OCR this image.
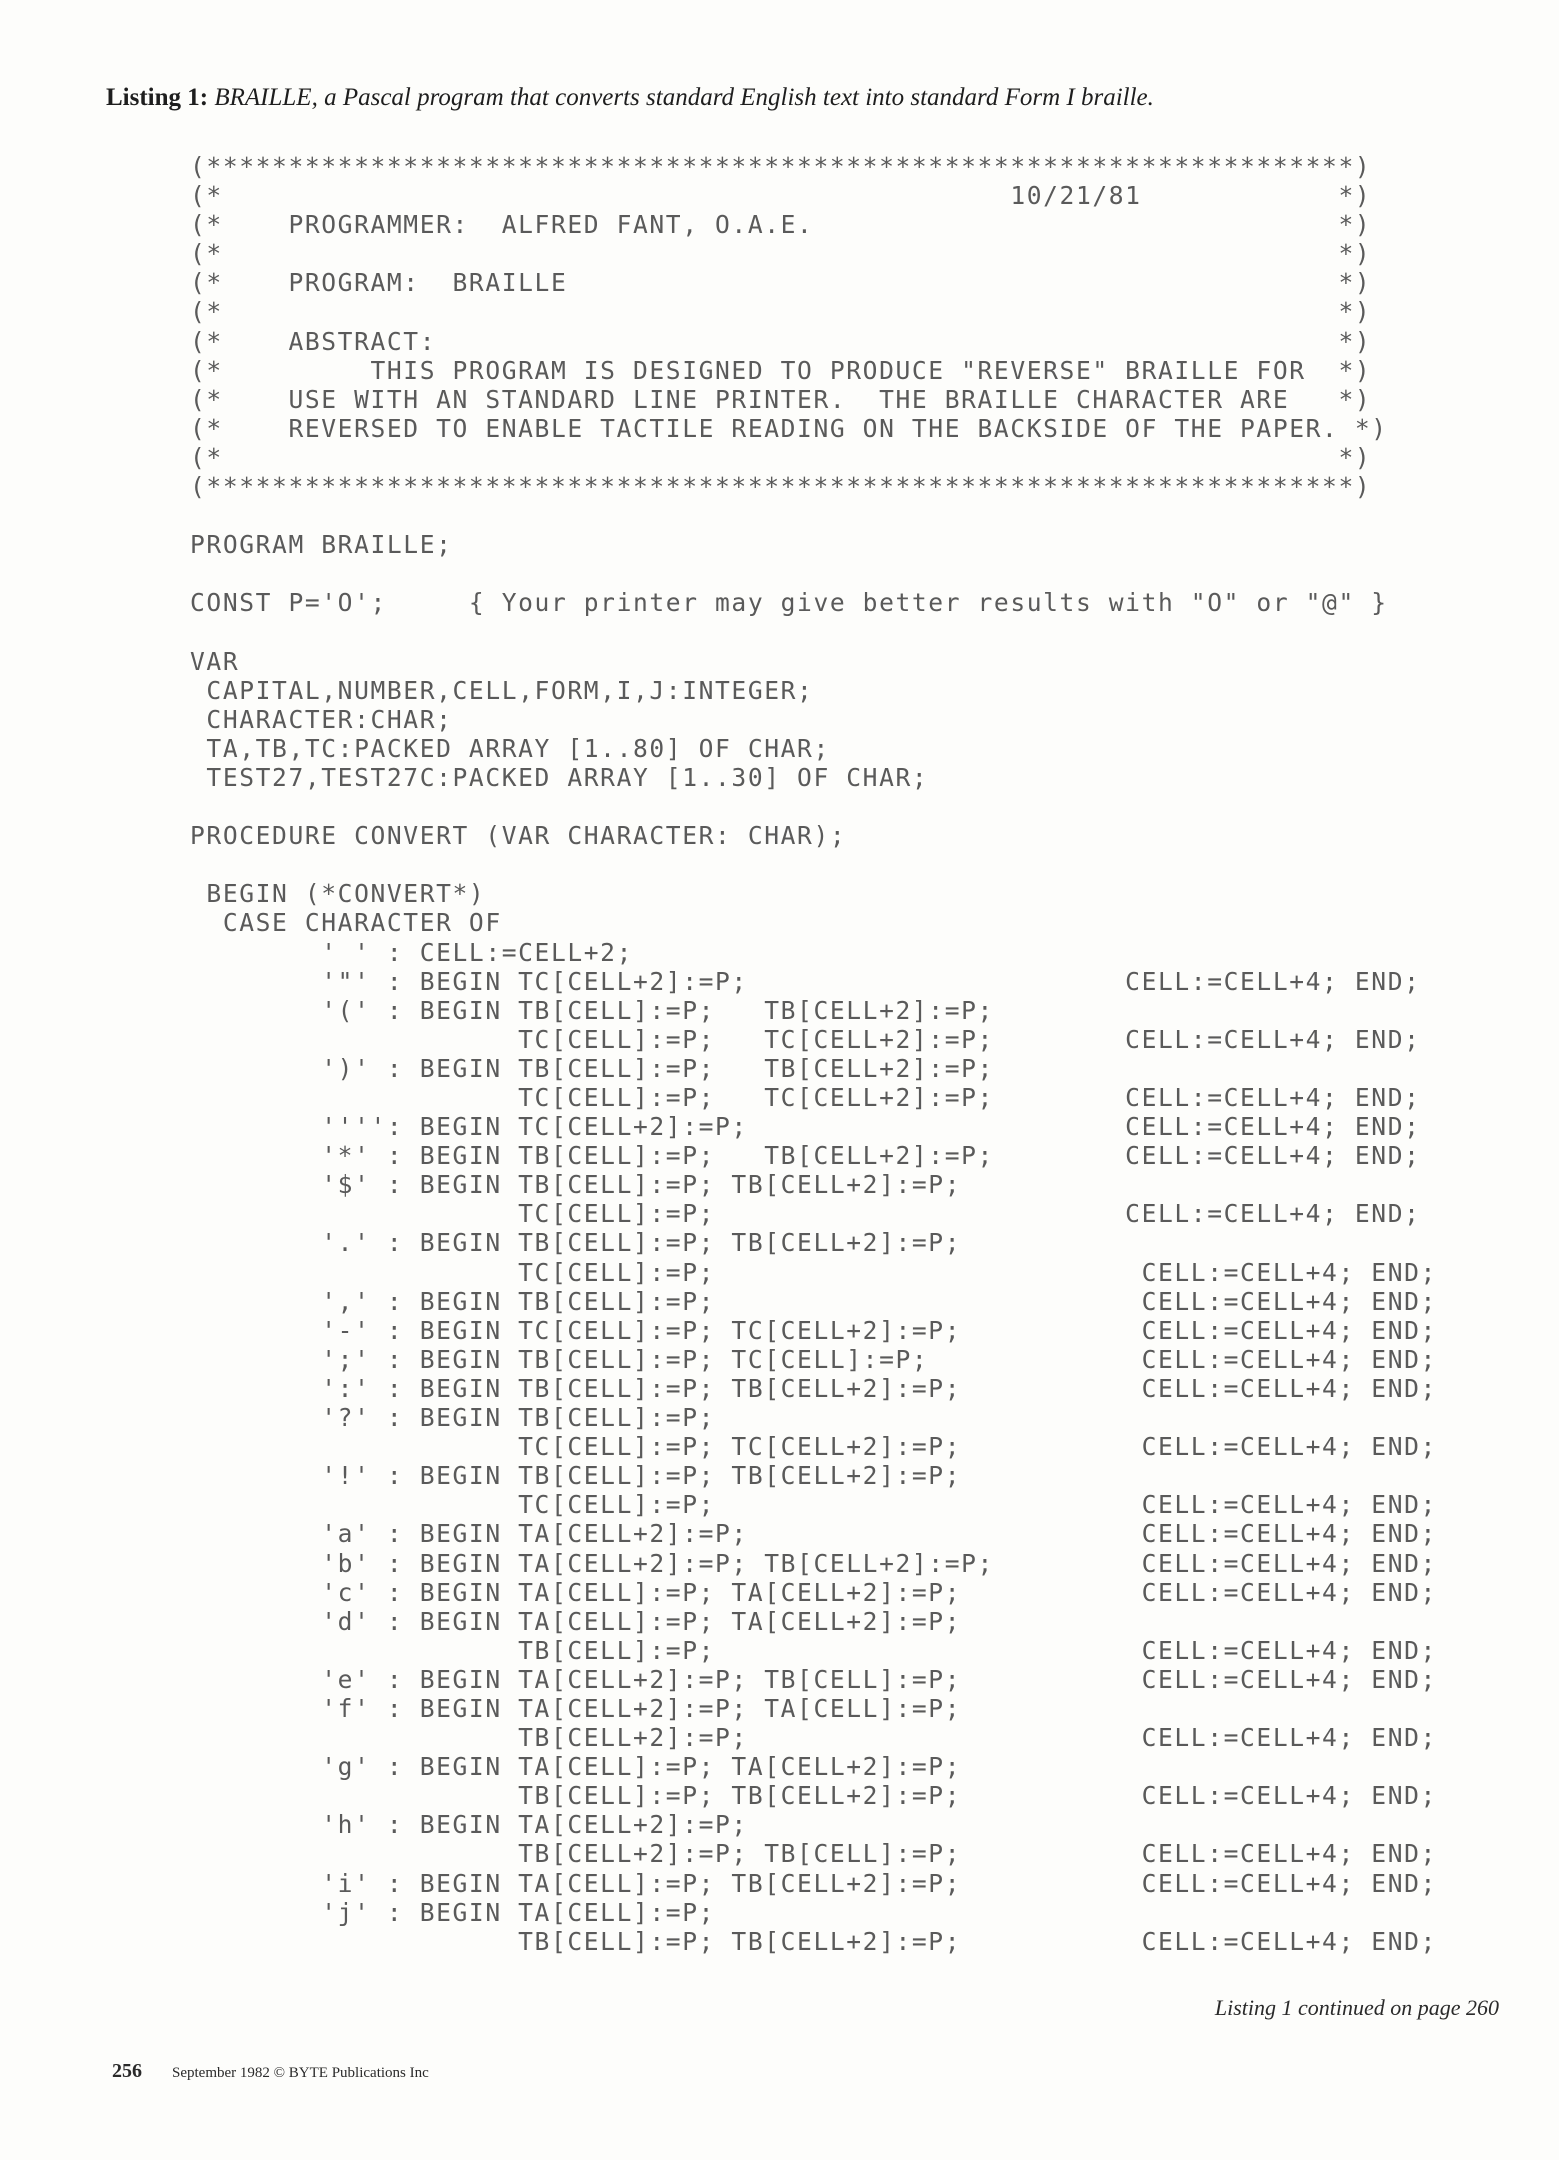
Listing 1: BRAILLE, a Pascal program that converts standard English text into standard Form I braille.
(**********************************************************************)
(*                                                10/21/81            *)
(*    PROGRAMMER:  ALFRED FANT, O.A.E.                                *)
(*                                                                    *)
(*    PROGRAM:  BRAILLE                                               *)
(*                                                                    *)
(*    ABSTRACT:                                                       *)
(*         THIS PROGRAM IS DESIGNED TO PRODUCE "REVERSE" BRAILLE FOR  *)
(*    USE WITH AN STANDARD LINE PRINTER.  THE BRAILLE CHARACTER ARE   *)
(*    REVERSED TO ENABLE TACTILE READING ON THE BACKSIDE OF THE PAPER. *)
(*                                                                    *)
(**********************************************************************)
PROGRAM BRAILLE;
CONST P='O';     { Your printer may give better results with "O" or "@" }
VAR
CAPITAL,NUMBER,CELL,FORM,I,J:INTEGER;
CHARACTER:CHAR;
TA,TB,TC:PACKED ARRAY [1..80] OF CHAR;
TEST27,TEST27C:PACKED ARRAY [1..30] OF CHAR;
PROCEDURE CONVERT (VAR CHARACTER: CHAR);
BEGIN (*CONVERT*)
CASE CHARACTER OF
' ' : CELL:=CELL+2;
'"' : BEGIN TC[CELL+2]:=P;                       CELL:=CELL+4; END;
'(' : BEGIN TB[CELL]:=P;   TB[CELL+2]:=P;
TC[CELL]:=P;   TC[CELL+2]:=P;        CELL:=CELL+4; END;
')' : BEGIN TB[CELL]:=P;   TB[CELL+2]:=P;
TC[CELL]:=P;   TC[CELL+2]:=P;        CELL:=CELL+4; END;
'''': BEGIN TC[CELL+2]:=P;                       CELL:=CELL+4; END;
'*' : BEGIN TB[CELL]:=P;   TB[CELL+2]:=P;        CELL:=CELL+4; END;
'$' : BEGIN TB[CELL]:=P; TB[CELL+2]:=P;
TC[CELL]:=P;                         CELL:=CELL+4; END;
'.' : BEGIN TB[CELL]:=P; TB[CELL+2]:=P;
TC[CELL]:=P;                          CELL:=CELL+4; END;
',' : BEGIN TB[CELL]:=P;                          CELL:=CELL+4; END;
'-' : BEGIN TC[CELL]:=P; TC[CELL+2]:=P;           CELL:=CELL+4; END;
';' : BEGIN TB[CELL]:=P; TC[CELL]:=P;             CELL:=CELL+4; END;
':' : BEGIN TB[CELL]:=P; TB[CELL+2]:=P;           CELL:=CELL+4; END;
'?' : BEGIN TB[CELL]:=P;
TC[CELL]:=P; TC[CELL+2]:=P;           CELL:=CELL+4; END;
'!' : BEGIN TB[CELL]:=P; TB[CELL+2]:=P;
TC[CELL]:=P;                          CELL:=CELL+4; END;
'a' : BEGIN TA[CELL+2]:=P;                        CELL:=CELL+4; END;
'b' : BEGIN TA[CELL+2]:=P; TB[CELL+2]:=P;         CELL:=CELL+4; END;
'c' : BEGIN TA[CELL]:=P; TA[CELL+2]:=P;           CELL:=CELL+4; END;
'd' : BEGIN TA[CELL]:=P; TA[CELL+2]:=P;
TB[CELL]:=P;                          CELL:=CELL+4; END;
'e' : BEGIN TA[CELL+2]:=P; TB[CELL]:=P;           CELL:=CELL+4; END;
'f' : BEGIN TA[CELL+2]:=P; TA[CELL]:=P;
TB[CELL+2]:=P;                        CELL:=CELL+4; END;
'g' : BEGIN TA[CELL]:=P; TA[CELL+2]:=P;
TB[CELL]:=P; TB[CELL+2]:=P;           CELL:=CELL+4; END;
'h' : BEGIN TA[CELL+2]:=P;
TB[CELL+2]:=P; TB[CELL]:=P;           CELL:=CELL+4; END;
'i' : BEGIN TA[CELL]:=P; TB[CELL+2]:=P;           CELL:=CELL+4; END;
'j' : BEGIN TA[CELL]:=P;
TB[CELL]:=P; TB[CELL+2]:=P;           CELL:=CELL+4; END;
Listing 1 continued on page 260
256 September 1982 © BYTE Publications Inc
